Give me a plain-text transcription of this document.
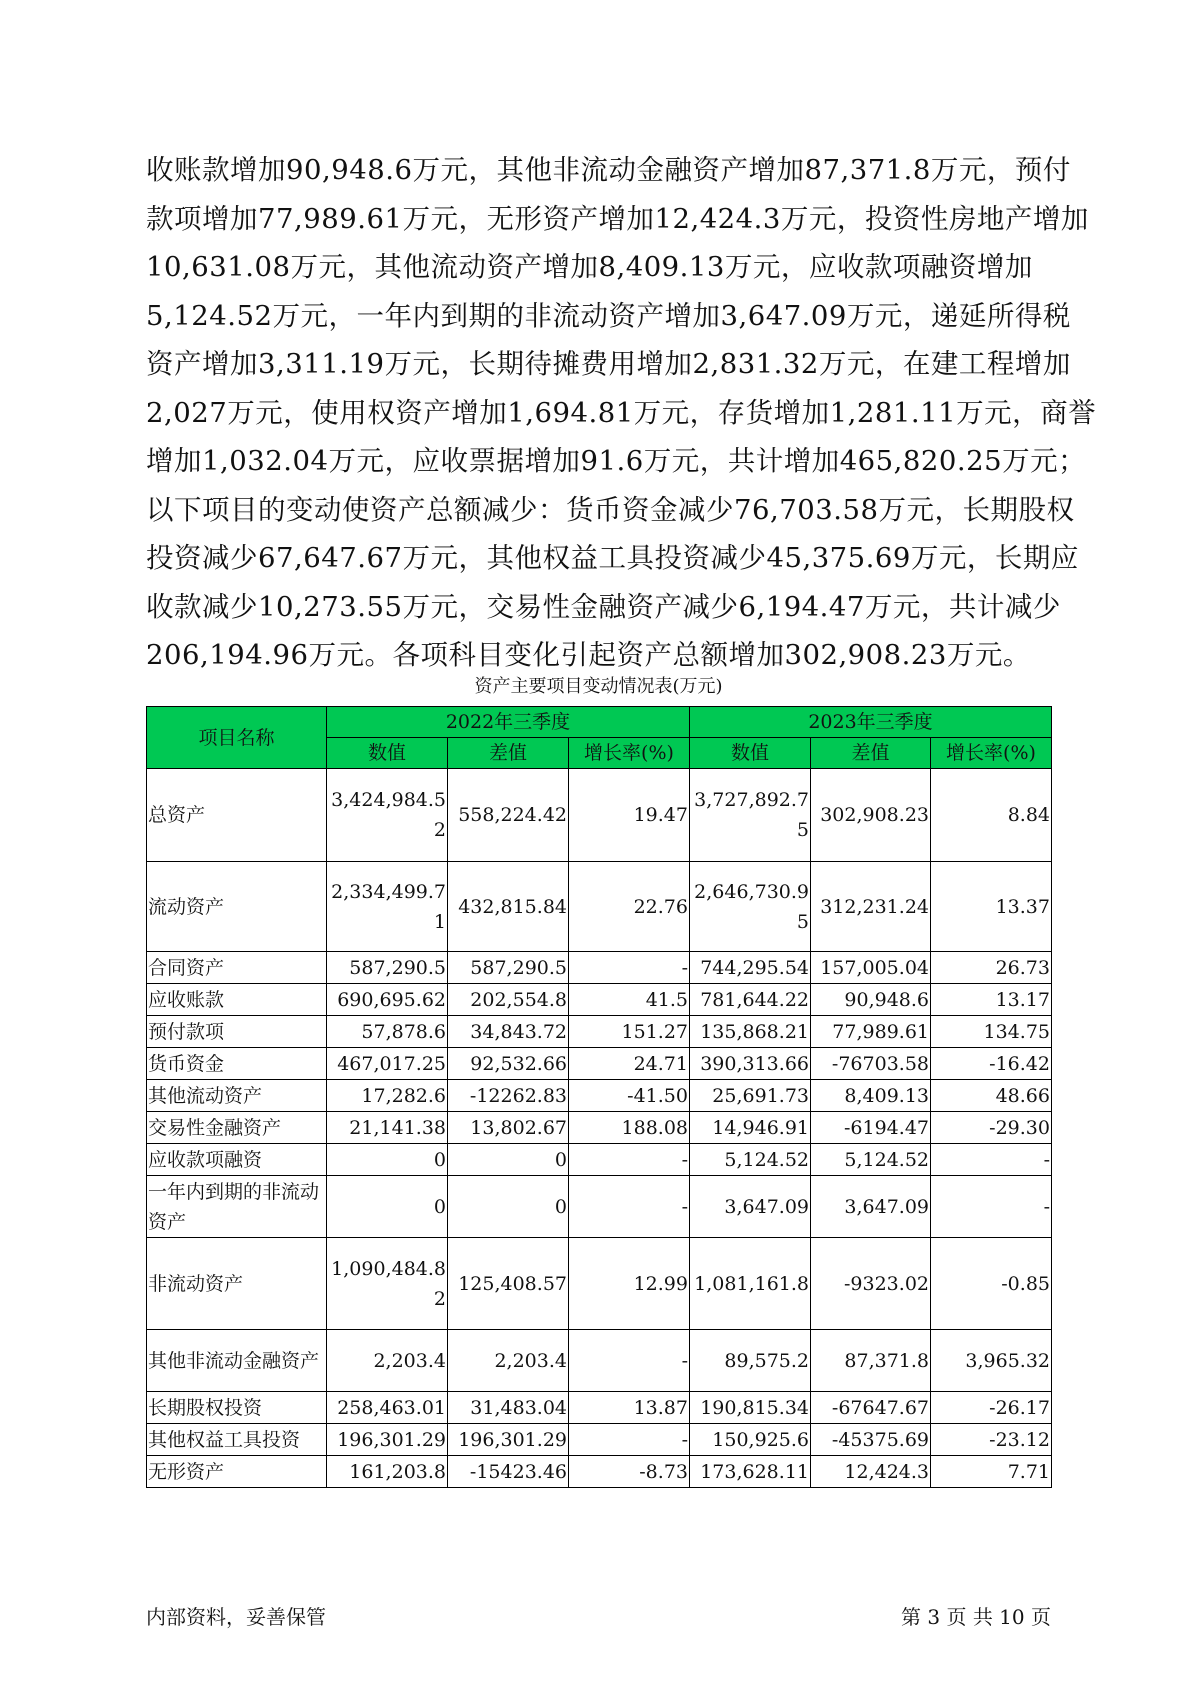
收账款增加90,948.6万元，其他非流动金融资产增加87,371.8万元，预付
款项增加77,989.61万元，无形资产增加12,424.3万元，投资性房地产增加
10,631.08万元，其他流动资产增加8,409.13万元，应收款项融资增加
5,124.52万元，一年内到期的非流动资产增加3,647.09万元，递延所得税
资产增加3,311.19万元，长期待摊费用增加2,831.32万元，在建工程增加
2,027万元，使用权资产增加1,694.81万元，存货增加1,281.11万元，商誉
增加1,032.04万元，应收票据增加91.6万元，共计增加465,820.25万元；
以下项目的变动使资产总额减少：货币资金减少76,703.58万元，长期股权
投资减少67,647.67万元，其他权益工具投资减少45,375.69万元，长期应
收款减少10,273.55万元，交易性金融资产减少6,194.47万元，共计减少
206,194.96万元。各项科目变化引起资产总额增加302,908.23万元。
资产主要项目变动情况表(万元)
项目名称	2022年三季度			2023年三季度		
	数值	差值	增长率(%)	数值	差值	增长率(%)
总资产	3,424,984.52	558,224.42	19.47	3,727,892.75	302,908.23	8.84
流动资产	2,334,499.71	432,815.84	22.76	2,646,730.95	312,231.24	13.37
合同资产	587,290.5	587,290.5	-	744,295.54	157,005.04	26.73
应收账款	690,695.62	202,554.8	41.5	781,644.22	90,948.6	13.17
预付款项	57,878.6	34,843.72	151.27	135,868.21	77,989.61	134.75
货币资金	467,017.25	92,532.66	24.71	390,313.66	-76703.58	-16.42
其他流动资产	17,282.6	-12262.83	-41.50	25,691.73	8,409.13	48.66
交易性金融资产	21,141.38	13,802.67	188.08	14,946.91	-6194.47	-29.30
应收款项融资	0	0	-	5,124.52	5,124.52	-
一年内到期的非流动资产	0	0	-	3,647.09	3,647.09	-
非流动资产	1,090,484.82	125,408.57	12.99	1,081,161.8	-9323.02	-0.85
其他非流动金融资产	2,203.4	2,203.4	-	89,575.2	87,371.8	3,965.32
长期股权投资	258,463.01	31,483.04	13.87	190,815.34	-67647.67	-26.17
其他权益工具投资	196,301.29	196,301.29	-	150,925.6	-45375.69	-23.12
无形资产	161,203.8	-15423.46	-8.73	173,628.11	12,424.3	7.71
内部资料，妥善保管	第 3 页 共 10 页
